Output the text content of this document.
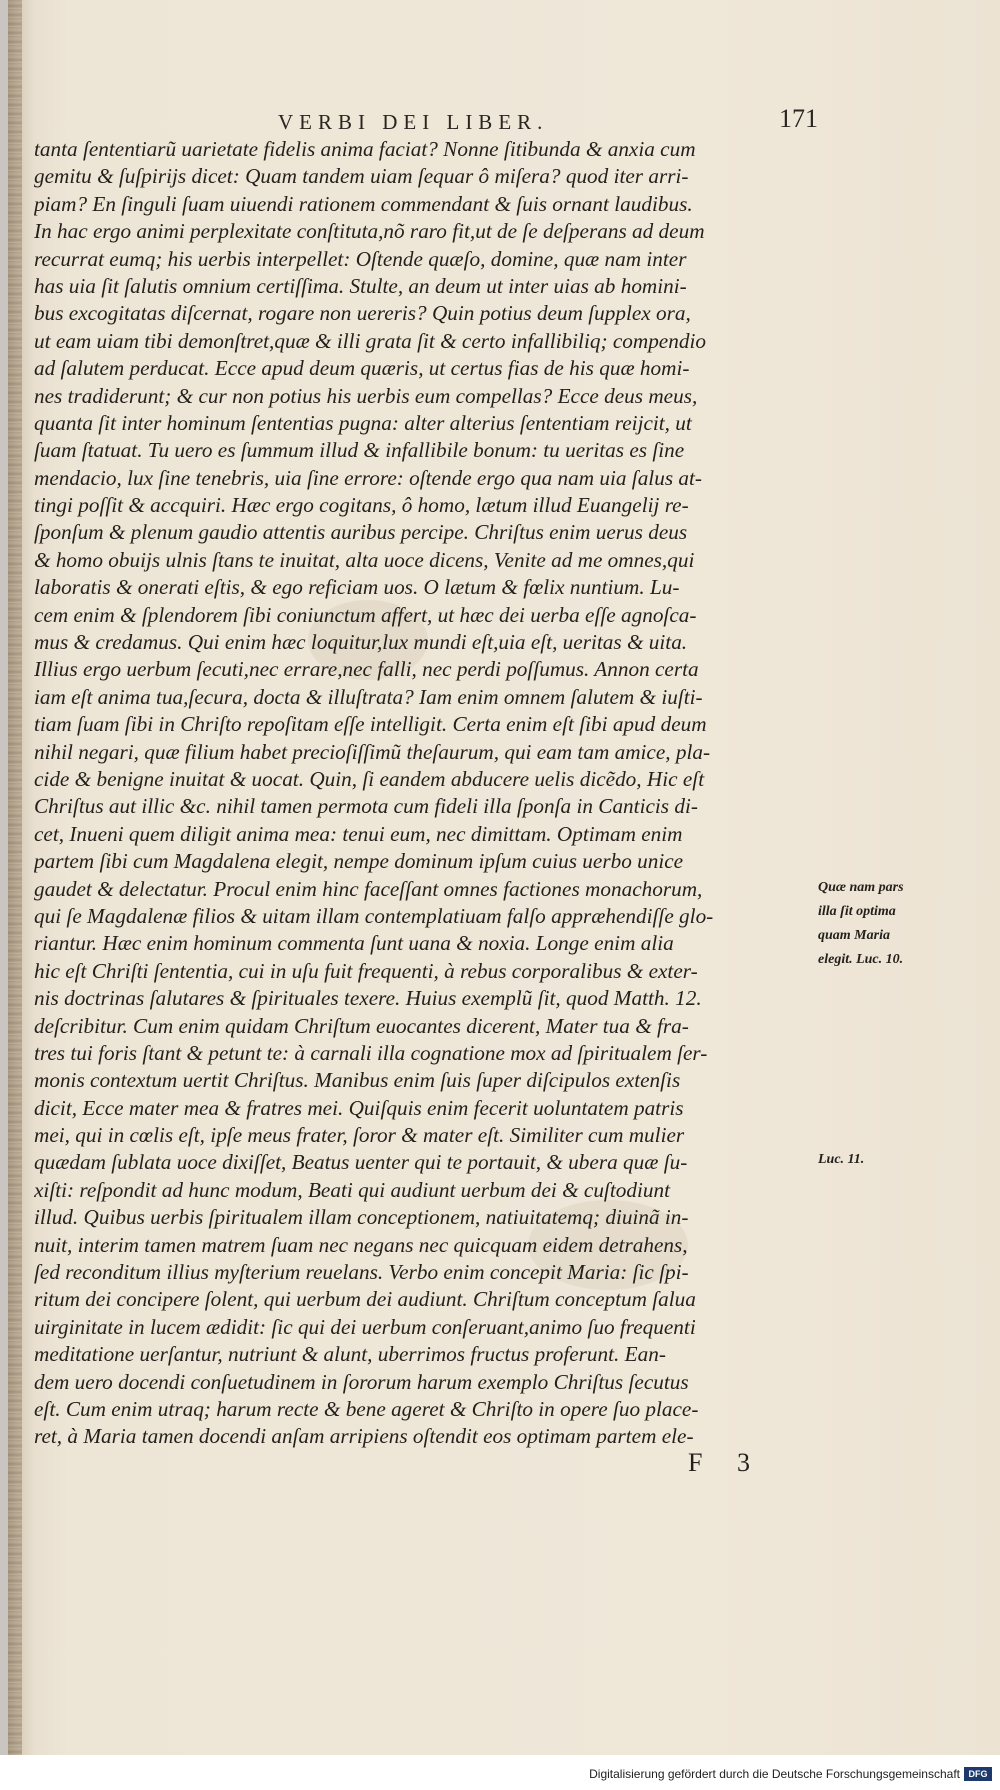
VERBI DEI LIBER.	171
tanta ſententiarũ uarietate fidelis anima faciat? Nonne ſitibunda & anxia cum
gemitu & ſuſpirijs dicet: Quam tandem uiam ſequar ô miſera? quod iter arri-
piam? En ſinguli ſuam uiuendi rationem commendant & ſuis ornant laudibus.
In hac ergo animi perplexitate conſtituta,nõ raro fit,ut de ſe deſperans ad deum
recurrat eumq; his uerbis interpellet: Oſtende quæſo, domine, quæ nam inter
has uia ſit ſalutis omnium certiſſima. Stulte, an deum ut inter uias ab homini-
bus excogitatas diſcernat, rogare non uereris? Quin potius deum ſupplex ora,
ut eam uiam tibi demonſtret,quæ & illi grata ſit & certo infallibiliq; compendio
ad ſalutem perducat. Ecce apud deum quæris, ut certus fias de his quæ homi-
nes tradiderunt; & cur non potius his uerbis eum compellas? Ecce deus meus,
quanta ſit inter hominum ſententias pugna: alter alterius ſententiam reijcit, ut
ſuam ſtatuat. Tu uero es ſummum illud & infallibile bonum: tu ueritas es ſine
mendacio, lux ſine tenebris, uia ſine errore: oſtende ergo qua nam uia ſalus at-
tingi poſſit & accquiri. Hæc ergo cogitans, ô homo, lætum illud Euangelij re-
ſponſum & plenum gaudio attentis auribus percipe. Chriſtus enim uerus deus
& homo obuijs ulnis ſtans te inuitat, alta uoce dicens, Venite ad me omnes,qui
laboratis & onerati eſtis, & ego reficiam uos. O lætum & fœlix nuntium. Lu-
cem enim & ſplendorem ſibi coniunctum affert, ut hæc dei uerba eſſe agnoſca-
mus & credamus. Qui enim hæc loquitur,lux mundi eſt,uia eſt, ueritas & uita.
Illius ergo uerbum ſecuti,nec errare,nec falli, nec perdi poſſumus. Annon certa
iam eſt anima tua,ſecura, docta & illuſtrata? Iam enim omnem ſalutem & iuſti-
tiam ſuam ſibi in Chriſto repoſitam eſſe intelligit. Certa enim eſt ſibi apud deum
nihil negari, quæ filium habet precioſiſſimũ theſaurum, qui eam tam amice, pla-
cide & benigne inuitat & uocat. Quin, ſi eandem abducere uelis dicẽdo, Hic eſt
Chriſtus aut illic &c. nihil tamen permota cum fideli illa ſponſa in Canticis di-
cet, Inueni quem diligit anima mea: tenui eum, nec dimittam. Optimam enim
partem ſibi cum Magdalena elegit, nempe dominum ipſum cuius uerbo unice
gaudet & delectatur. Procul enim hinc faceſſant omnes factiones monachorum,
qui ſe Magdalenæ filios & uitam illam contemplatiuam falſo appræhendiſſe glo-
riantur. Hæc enim hominum commenta ſunt uana & noxia. Longe enim alia
hic eſt Chriſti ſententia, cui in uſu fuit frequenti, à rebus corporalibus & exter-
nis doctrinas ſalutares & ſpirituales texere. Huius exemplũ ſit, quod Matth. 12.
deſcribitur. Cum enim quidam Chriſtum euocantes dicerent, Mater tua & fra-
tres tui foris ſtant & petunt te: à carnali illa cognatione mox ad ſpiritualem ſer-
monis contextum uertit Chriſtus. Manibus enim ſuis ſuper diſcipulos extenſis
dicit, Ecce mater mea & fratres mei. Quiſquis enim fecerit uoluntatem patris
mei, qui in cœlis eſt, ipſe meus frater, ſoror & mater eſt. Similiter cum mulier
quædam ſublata uoce dixiſſet, Beatus uenter qui te portauit, & ubera quæ ſu-
xiſti: reſpondit ad hunc modum, Beati qui audiunt uerbum dei & cuſtodiunt
illud. Quibus uerbis ſpiritualem illam conceptionem, natiuitatemq; diuinã in-
nuit, interim tamen matrem ſuam nec negans nec quicquam eidem detrahens,
ſed reconditum illius myſterium reuelans. Verbo enim concepit Maria: ſic ſpi-
ritum dei concipere ſolent, qui uerbum dei audiunt. Chriſtum conceptum ſalua
uirginitate in lucem ædidit: ſic qui dei uerbum conſeruant,animo ſuo frequenti
meditatione uerſantur, nutriunt & alunt, uberrimos fructus proferunt. Ean-
dem uero docendi conſuetudinem in ſororum harum exemplo Chriſtus ſecutus
eſt. Cum enim utraq; harum recte & bene ageret & Chriſto in opere ſuo place-
ret, à Maria tamen docendi anſam arripiens oſtendit eos optimam partem ele-
Quæ nam pars
illa ſit optima
quam Maria
elegit. Luc. 10.
Luc. 11.
F 3
Digitalisierung gefördert durch die Deutsche Forschungsgemeinschaft DFG
